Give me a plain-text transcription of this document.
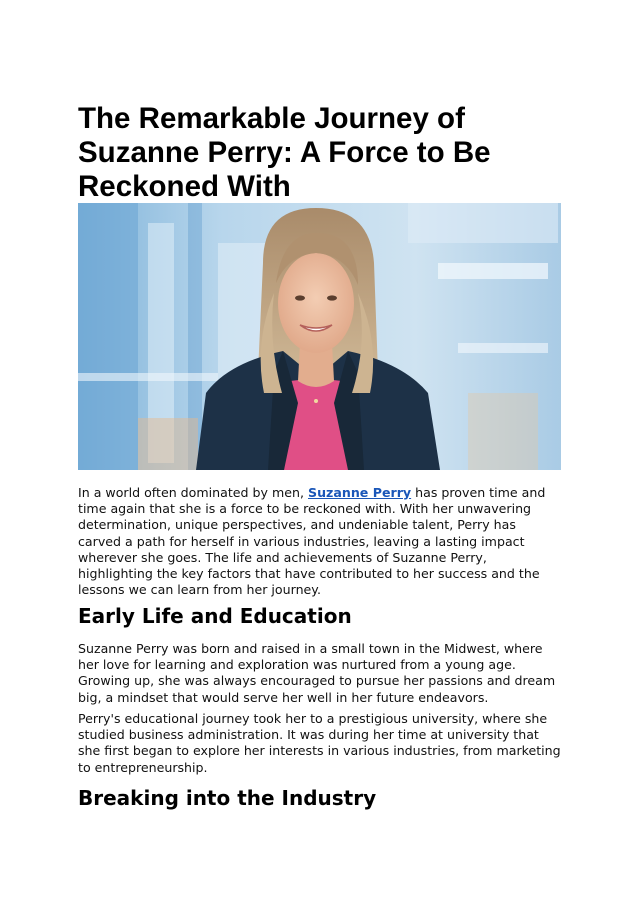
The Remarkable Journey of Suzanne Perry: A Force to Be Reckoned With

In a world often dominated by men, Suzanne Perry has proven time and time again that she is a force to be reckoned with. With her unwavering determination, unique perspectives, and undeniable talent, Perry has carved a path for herself in various industries, leaving a lasting impact wherever she goes. The life and achievements of Suzanne Perry, highlighting the key factors that have contributed to her success and the lessons we can learn from her journey.

Early Life and Education

Suzanne Perry was born and raised in a small town in the Midwest, where her love for learning and exploration was nurtured from a young age. Growing up, she was always encouraged to pursue her passions and dream big, a mindset that would serve her well in her future endeavors.

Perry's educational journey took her to a prestigious university, where she studied business administration. It was during her time at university that she first began to explore her interests in various industries, from marketing to entrepreneurship.

Breaking into the Industry
